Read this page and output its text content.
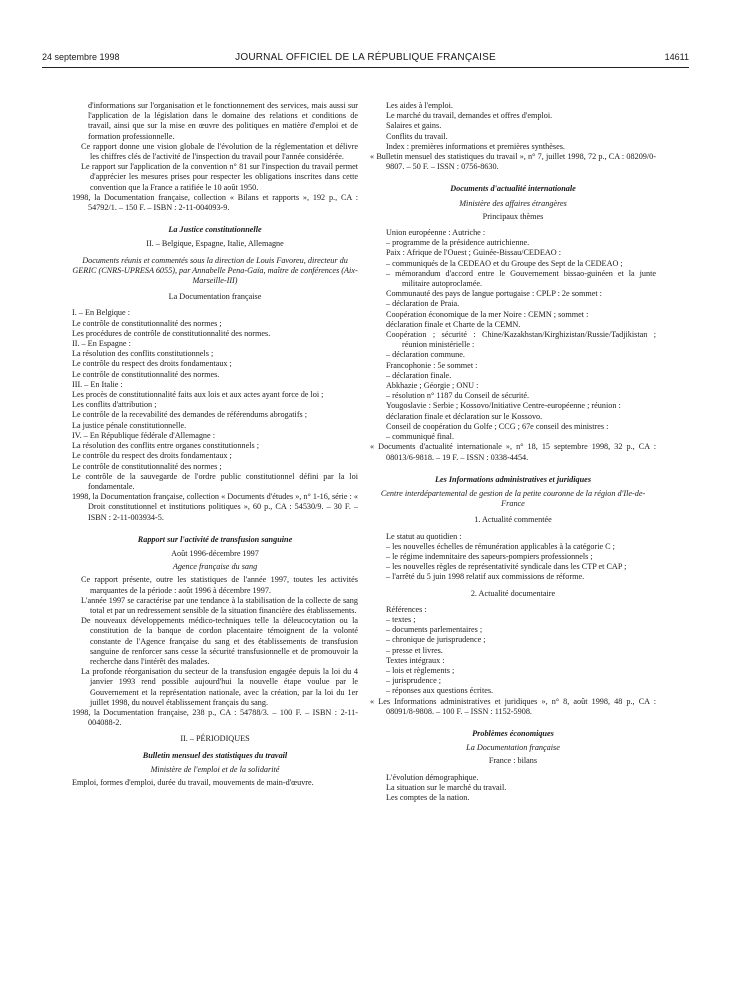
24 septembre 1998	JOURNAL OFFICIEL DE LA RÉPUBLIQUE FRANÇAISE	14611
d'informations sur l'organisation et le fonctionnement des services, mais aussi sur l'application de la législation dans le domaine des relations et conditions de travail, ainsi que sur la mise en œuvre des politiques en matière d'emploi et de formation professionnelle.
Ce rapport donne une vision globale de l'évolution de la réglementation et délivre les chiffres clés de l'activité de l'inspection du travail pour l'année considérée.
Le rapport sur l'application de la convention n° 81 sur l'inspection du travail permet d'apprécier les mesures prises pour respecter les obligations inscrites dans cette convention que la France a ratifiée le 10 août 1950.
1998, la Documentation française, collection « Bilans et rapports », 192 p., CA : 54792/1. – 150 F. – ISBN : 2-11-004093-9.
La Justice constitutionnelle
II. – Belgique, Espagne, Italie, Allemagne
Documents réunis et commentés sous la direction de Louis Favoreu, directeur du GERIC (CNRS-UPRESA 6055), par Annabelle Pena-Gaïa, maître de conférences (Aix-Marseille-III)
La Documentation française
I. – En Belgique :
Le contrôle de constitutionnalité des normes ;
Les procédures de contrôle de constitutionnalité des normes.
II. – En Espagne :
La résolution des conflits constitutionnels ;
Le contrôle du respect des droits fondamentaux ;
Le contrôle de constitutionnalité des normes.
III. – En Italie :
Les procès de constitutionnalité faits aux lois et aux actes ayant force de loi ;
Les conflits d'attribution ;
Le contrôle de la recevabilité des demandes de référendums abrogatifs ;
La justice pénale constitutionnelle.
IV. – En République fédérale d'Allemagne :
La résolution des conflits entre organes constitutionnels ;
Le contrôle du respect des droits fondamentaux ;
Le contrôle de constitutionnalité des normes ;
Le contrôle de la sauvegarde de l'ordre public constitutionnel défini par la loi fondamentale.
1998, la Documentation française, collection « Documents d'études », n° 1-16, série : « Droit constitutionnel et institutions politiques », 60 p., CA : 54530/9. – 30 F. – ISBN : 2-11-003934-5.
Rapport sur l'activité de transfusion sanguine
Août 1996-décembre 1997
Agence française du sang
Ce rapport présente, outre les statistiques de l'année 1997, toutes les activités marquantes de la période : août 1996 à décembre 1997.
L'année 1997 se caractérise par une tendance à la stabilisation de la collecte de sang total et par un redressement sensible de la situation financière des établissements.
De nouveaux développements médico-techniques telle la déleucocytation ou la constitution de la banque de cordon placentaire témoignent de la volonté constante de l'Agence française du sang et des établissements de transfusion sanguine de renforcer sans cesse la sécurité transfusionnelle et de promouvoir la recherche dans l'intérêt des malades.
La profonde réorganisation du secteur de la transfusion engagée depuis la loi du 4 janvier 1993 rend possible aujourd'hui la nouvelle étape voulue par le Gouvernement et la représentation nationale, avec la création, par la loi du 1er juillet 1998, du nouvel établissement français du sang.
1998, la Documentation française, 238 p., CA : 54788/3. – 100 F. – ISBN : 2-11-004088-2.
II. – PÉRIODIQUES
Bulletin mensuel des statistiques du travail
Ministère de l'emploi et de la solidarité
Emploi, formes d'emploi, durée du travail, mouvements de main-d'œuvre.
Les aides à l'emploi.
Le marché du travail, demandes et offres d'emploi.
Salaires et gains.
Conflits du travail.
Index : premières informations et premières synthèses.
« Bulletin mensuel des statistiques du travail », n° 7, juillet 1998, 72 p., CA : 08209/0-9807. – 50 F. – ISSN : 0756-8630.
Documents d'actualité internationale
Ministère des affaires étrangères
Principaux thèmes
Union européenne : Autriche :
– programme de la présidence autrichienne.
Paix : Afrique de l'Ouest ; Guinée-Bissau/CEDEAO :
– communiqués de la CEDEAO et du Groupe des Sept de la CEDEAO ;
– mémorandum d'accord entre le Gouvernement bissao-guinéen et la junte militaire autoproclamée.
Communauté des pays de langue portugaise : CPLP : 2e sommet :
– déclaration de Praia.
Coopération économique de la mer Noire : CEMN ; sommet :
déclaration finale et Charte de la CEMN.
Coopération ; sécurité : Chine/Kazakhstan/Kirghizistan/Russie/Tadjikistan ; réunion ministérielle :
– déclaration commune.
Francophonie : 5e sommet :
– déclaration finale.
Abkhazie ; Géorgie ; ONU :
– résolution n° 1187 du Conseil de sécurité.
Yougoslavie : Serbie ; Kossovo/Initiative Centre-européenne ; réunion :
déclaration finale et déclaration sur le Kossovo.
Conseil de coopération du Golfe ; CCG ; 67e conseil des ministres :
– communiqué final.
« Documents d'actualité internationale », n° 18, 15 septembre 1998, 32 p., CA : 08013/6-9818. – 19 F. – ISSN : 0338-4454.
Les Informations administratives et juridiques
Centre interdépartemental de gestion de la petite couronne de la région d'Ile-de-France
1. Actualité commentée
Le statut au quotidien :
– les nouvelles échelles de rémunération applicables à la catégorie C ;
– le régime indemnitaire des sapeurs-pompiers professionnels ;
– les nouvelles règles de représentativité syndicale dans les CTP et CAP ;
– l'arrêté du 5 juin 1998 relatif aux commissions de réforme.
2. Actualité documentaire
Références :
– textes ;
– documents parlementaires ;
– chronique de jurisprudence ;
– presse et livres.
Textes intégraux :
– lois et règlements ;
– jurisprudence ;
– réponses aux questions écrites.
« Les Informations administratives et juridiques », n° 8, août 1998, 48 p., CA : 08091/8-9808. – 100 F. – ISSN : 1152-5908.
Problèmes économiques
La Documentation française
France : bilans
L'évolution démographique.
La situation sur le marché du travail.
Les comptes de la nation.
